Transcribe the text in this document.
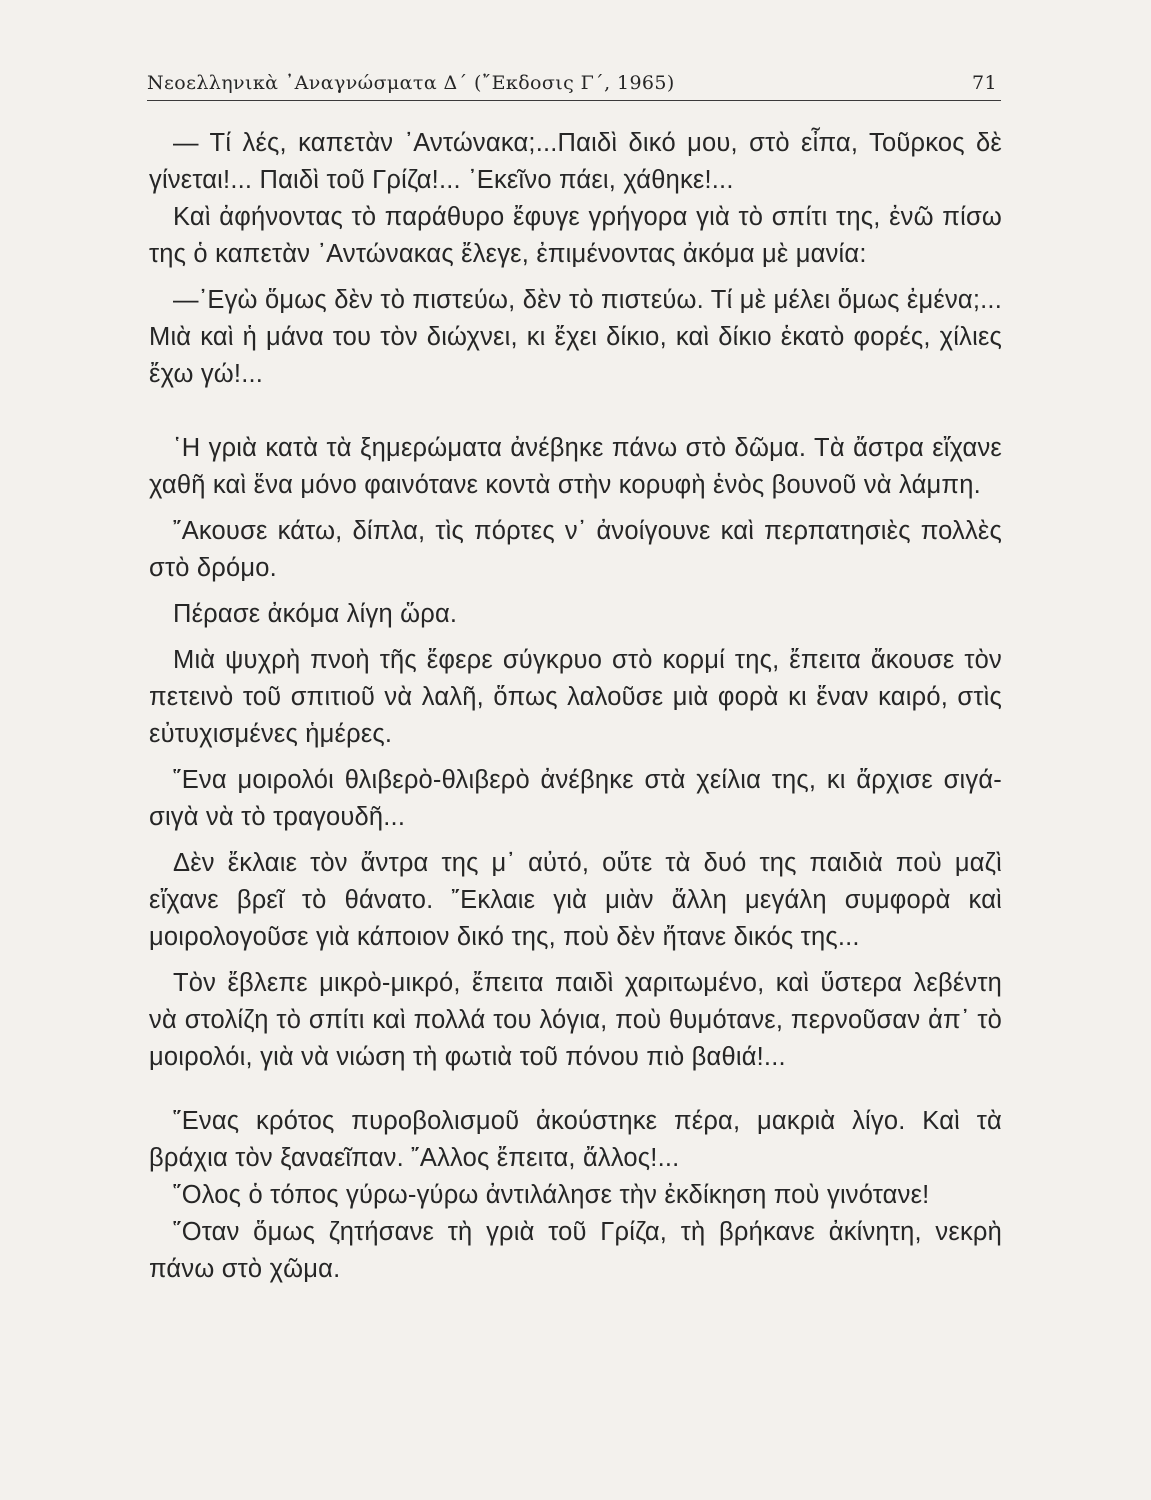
Νεοελληνικὰ ᾿Αναγνώσματα Δ΄ (῎Εκδοσις Γ΄, 1965)	71

— Τί λές, καπετὰν ᾿Αντώνακα;...Παιδὶ δικό μου, στὸ εἶπα, Τοῦρκος δὲ γίνεται!... Παιδὶ τοῦ Γρίζα!... ᾿Εκεῖνο πάει, χάθηκε!...

Καὶ ἀφήνοντας τὸ παράθυρο ἔφυγε γρήγορα γιὰ τὸ σπίτι της, ἐνῶ πίσω της ὁ καπετὰν ᾿Αντώνακας ἔλεγε, ἐπιμένοντας ἀκόμα μὲ μανία:

—᾿Εγὼ ὅμως δὲν τὸ πιστεύω, δὲν τὸ πιστεύω. Τί μὲ μέλει ὅμως ἐμένα;... Μιὰ καὶ ἡ μάνα του τὸν διώχνει, κι ἔχει δίκιο, καὶ δίκιο ἑκατὸ φορές, χίλιες ἔχω γώ!...

῾Η γριὰ κατὰ τὰ ξημερώματα ἀνέβηκε πάνω στὸ δῶμα. Τὰ ἄστρα εἴχανε χαθῆ καὶ ἕνα μόνο φαινότανε κοντὰ στὴν κορυφὴ ἑνὸς βουνοῦ νὰ λάμπη.

῎Ακουσε κάτω, δίπλα, τὶς πόρτες ν᾿ ἀνοίγουνε καὶ περπατησιὲς πολλὲς στὸ δρόμο.

Πέρασε ἀκόμα λίγη ὥρα.

Μιὰ ψυχρὴ πνοὴ τῆς ἔφερε σύγκρυο στὸ κορμί της, ἔπειτα ἄκουσε τὸν πετεινὸ τοῦ σπιτιοῦ νὰ λαλῆ, ὅπως λαλοῦσε μιὰ φορὰ κι ἕναν καιρό, στὶς εὐτυχισμένες ἡμέρες.

῞Ενα μοιρολόι θλιβερὸ-θλιβερὸ ἀνέβηκε στὰ χείλια της, κι ἄρχισε σιγά-σιγὰ νὰ τὸ τραγουδῆ...

Δὲν ἔκλαιε τὸν ἄντρα της μ᾿ αὐτό, οὔτε τὰ δυό της παιδιὰ ποὺ μαζὶ εἴχανε βρεῖ τὸ θάνατο. ῎Εκλαιε γιὰ μιὰν ἄλλη μεγάλη συμφορὰ καὶ μοιρολογοῦσε γιὰ κάποιον δικό της, ποὺ δὲν ἤτανε δικός της...

Τὸν ἔβλεπε μικρὸ-μικρό, ἔπειτα παιδὶ χαριτωμένο, καὶ ὕστερα λεβέντη νὰ στολίζη τὸ σπίτι καὶ πολλά του λόγια, ποὺ θυμότανε, περνοῦσαν ἀπ᾿ τὸ μοιρολόι, γιὰ νὰ νιώση τὴ φωτιὰ τοῦ πόνου πιὸ βαθιά!...

῞Ενας κρότος πυροβολισμοῦ ἀκούστηκε πέρα, μακριὰ λίγο. Καὶ τὰ βράχια τὸν ξαναεῖπαν. ῎Αλλος ἔπειτα, ἄλλος!...

῞Ολος ὁ τόπος γύρω-γύρω ἀντιλάλησε τὴν ἐκδίκηση ποὺ γινότανε!

῞Οταν ὅμως ζητήσανε τὴ γριὰ τοῦ Γρίζα, τὴ βρήκανε ἀκίνητη, νεκρὴ πάνω στὸ χῶμα.
